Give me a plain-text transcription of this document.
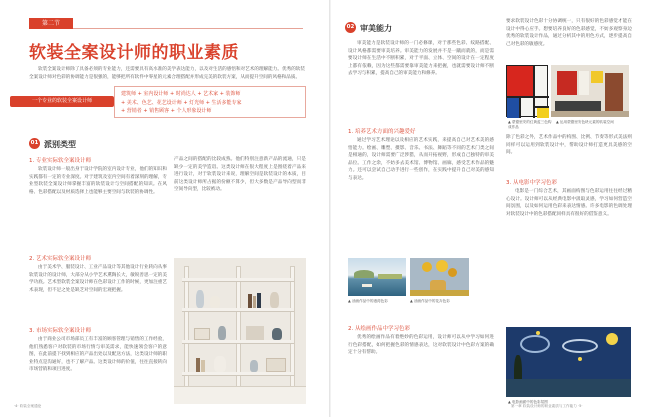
第二节
软装全案设计师的职业素质

软装全案设计师除了具备必须的专业能力，还需要具有高水准的美学表达能力，以及对生活的感悟和对艺术的理解能力。优秀的软装全案设计师对色彩的协调能力是很强的，能够把所有软件中零星的元素合理搭配并形成完美的软装方案，从而提升空间的风格和品质。

一个专业的软装全案设计师
建筑师 + 室内设计师 + 时尚达人 + 艺术家 + 装饰师
+ 美术、色艺、花艺设计师 + 灯光师 + 生活多能专家
+ 营销者 + 销售顾客 + 个人形象设计师
01 派别类型
1. 专业实际软全案设计师

软装设计师一般出身于设计学院的室内设计专业，他们的知识和实践都有一定的专业深度。对于建筑及室内空间有着深刻的理解，专业型软装全案设计师掌握丰富的软装设计与空间搭配的知识。在风格、色彩搭配以及材质选择上也能够主要空间与软装的协调性。

2. 艺术实际软全案设计师

由于美术学、服装设计、工业产品设计等其他设计行业转向从事软装设计的设计师，大部分从小学艺术熏陶长大，敏锐善思一定的美学功底。艺术型软装全案设计师在色彩设计工作的时候，更加注重艺术表现，但不足之处是缺乏对空间的宏观把握。

3. 市场实际软全案设计师

由于商业公司市场部员工有丰富的顾客管理与销售的工作经验，他们熟悉客户对软装的市场行情与审美需求，能快速领会客户的意图，在此前提下找到相应的产品出处以及配送方法，这类设计师的职业特点是沟通好，也不了解产品。这类设计师的价值，往往直接转向市场营销和项目进度。

产品之间的搭配的比较成熟。他们特别注意新产品的流通，只是缺少一定的美学造诣。这类设计师在很大程度上是围绕着产品来进行设计，对于软装设计来说，理解空间是软装设计的本质，目前这类设计师所占据的份额不算少，但大多数是产品导向型而非空间导向型，比较被动。

·4· 软装全案通论	第一章 软装设计师的职业素质与工作能力 ·5·
02 审美能力

审美能力是软装设计师的一门必修课，对于那些色彩、纹路搭配、设计风格都需要审美培养。审美能力的发展并不是一蹴而就的，而是需要设计师在生活中不断积累，对于平面、立体、空间的设计在一定程度上都有依赖，因为这些都需要靠审美能力来把握，也就需要设计师不断去学习与积累，提高自己的审美能力和修养。

1. 培养艺术方面的兴趣爱好

通过学习艺术理论以及相应的艺术实践，来提高自己对艺术美的感悟能力。绘画、雕塑、摄影、音乐、书法、舞蹈等不同的艺术门类之间是相通的，设计师需要广泛涉猎，从而开拓视野，形成自己独特的审美品位。工作之余，不妨多去美术馆、博物馆、画廊，感受艺术作品的魅力。还可以尝试自己动手进行一些创作，在实践中提升自己对美的感知与表达。

要求软装设计色彩十分协调统一，只有很好的色彩感觉才能在设计中得心应手。想要培养良好的色彩感觉，不妨多观察身边优秀的软装设计作品，通过分析其中的用色方式，逐步提高自己对色彩的敏感度。

▲ 蒙德里安的红黄蓝三色构成作品

▲ 运用蒙德里安色块元素的软装空间

除了色彩之外，艺术作品中的构图、比例、节奏等形式美法则同样可以运用到软装设计中，帮助设计师打造更具美感的空间。

3. 从电影中学习色彩

电影是一门综合艺术，其画面构图与色彩运用往往经过精心设计。设计师可以从经典电影中汲取灵感，学习如何营造空间氛围，以及如何运用色彩来表达情感。许多电影的色调处理对软装设计中的色彩搭配同样具有很好的借鉴意义。

▲ 油画作品中的港湾色彩	▲ 油画作品中的花卉色彩

2. 从绘画作品中学习色彩

优秀的绘画作品有着绝妙的色彩运用，设计师可以从中学习如何进行色彩搭配，如何把握色彩的情感表达，这对软装设计中色彩方案的确定十分有帮助。

▲ 电影画面中的色彩氛围
